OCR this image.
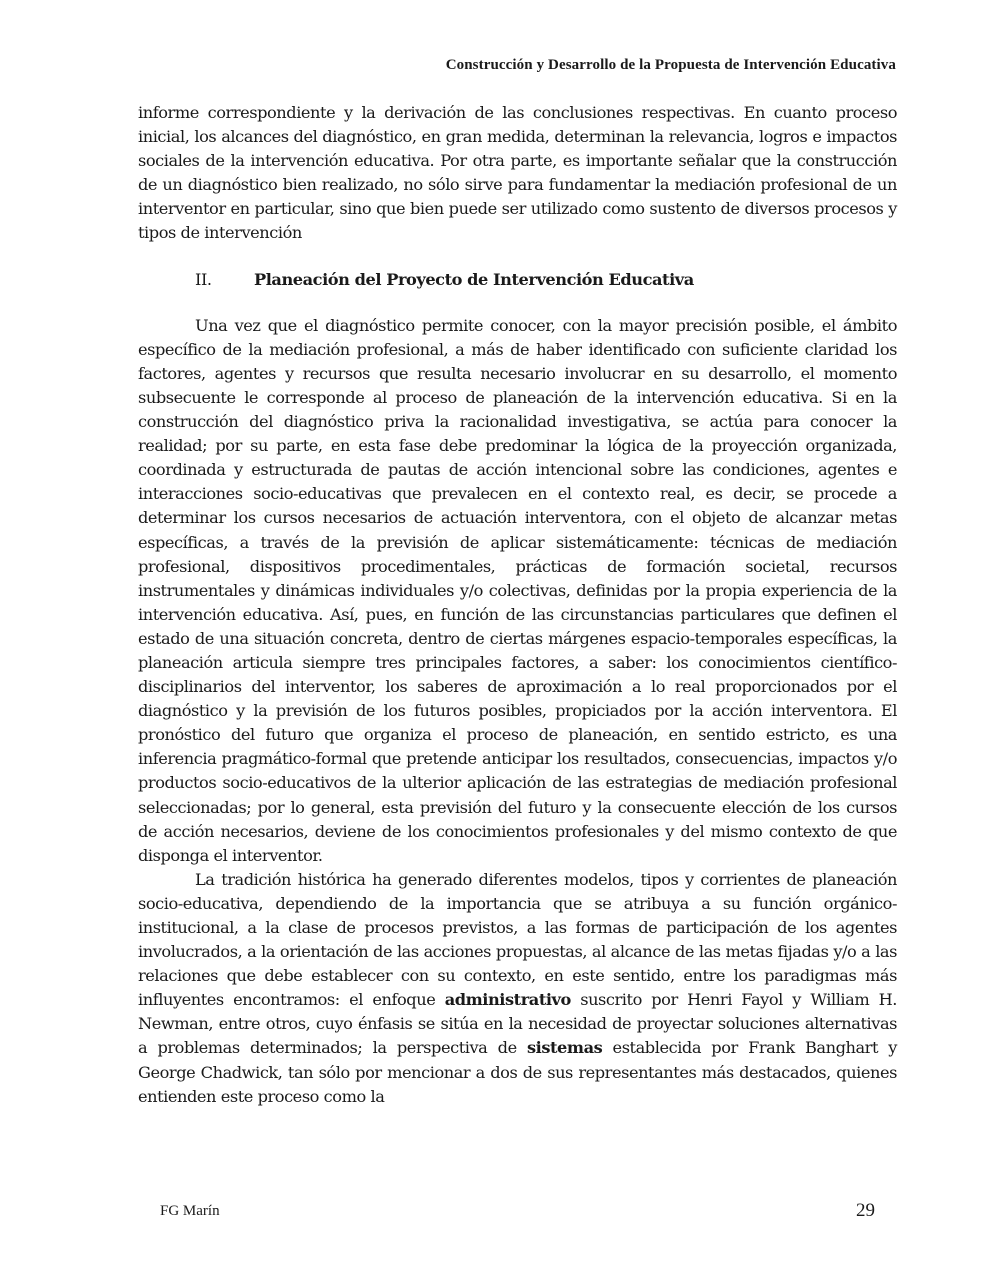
Construcción y Desarrollo de la Propuesta de Intervención Educativa

informe correspondiente y la derivación de las conclusiones respectivas. En cuanto proceso inicial, los alcances del diagnóstico, en gran medida, determinan la relevancia, logros e impactos sociales de la intervención educativa. Por otra parte, es importante señalar que la construcción de un diagnóstico bien realizado, no sólo sirve para fundamentar la mediación profesional de un interventor en particular, sino que bien puede ser utilizado como sustento de diversos procesos y tipos de intervención

II.	Planeación del Proyecto de Intervención Educativa

Una vez que el diagnóstico permite conocer, con la mayor precisión posible, el ámbito específico de la mediación profesional, a más de haber identificado con suficiente claridad los factores, agentes y recursos que resulta necesario involucrar en su desarrollo, el momento subsecuente le corresponde al proceso de planeación de la intervención educativa. Si en la construcción del diagnóstico priva la racionalidad investigativa, se actúa para conocer la realidad; por su parte, en esta fase debe predominar la lógica de la proyección organizada, coordinada y estructurada de pautas de acción intencional sobre las condiciones, agentes e interacciones socio-educativas que prevalecen en el contexto real, es decir, se procede a determinar los cursos necesarios de actuación interventora, con el objeto de alcanzar metas específicas, a través de la previsión de aplicar sistemáticamente: técnicas de mediación profesional, dispositivos procedimentales, prácticas de formación societal, recursos instrumentales y dinámicas individuales y/o colectivas, definidas por la propia experiencia de la intervención educativa. Así, pues, en función de las circunstancias particulares que definen el estado de una situación concreta, dentro de ciertas márgenes espacio-temporales específicas, la planeación articula siempre tres principales factores, a saber: los conocimientos científico-disciplinarios del interventor, los saberes de aproximación a lo real proporcionados por el diagnóstico y la previsión de los futuros posibles, propiciados por la acción interventora. El pronóstico del futuro que organiza el proceso de planeación, en sentido estricto, es una inferencia pragmático-formal que pretende anticipar los resultados, consecuencias, impactos y/o productos socio-educativos de la ulterior aplicación de las estrategias de mediación profesional seleccionadas; por lo general, esta previsión del futuro y la consecuente elección de los cursos de acción necesarios, deviene de los conocimientos profesionales y del mismo contexto de que disponga el interventor.

La tradición histórica ha generado diferentes modelos, tipos y corrientes de planeación socio-educativa, dependiendo de la importancia que se atribuya a su función orgánico-institucional, a la clase de procesos previstos, a las formas de participación de los agentes involucrados, a la orientación de las acciones propuestas, al alcance de las metas fijadas y/o a las relaciones que debe establecer con su contexto, en este sentido, entre los paradigmas más influyentes encontramos: el enfoque administrativo suscrito por Henri Fayol y William H. Newman, entre otros, cuyo énfasis se sitúa en la necesidad de proyectar soluciones alternativas a problemas determinados; la perspectiva de sistemas establecida por Frank Banghart y George Chadwick, tan sólo por mencionar a dos de sus representantes más destacados, quienes entienden este proceso como la

FG Marín	29
